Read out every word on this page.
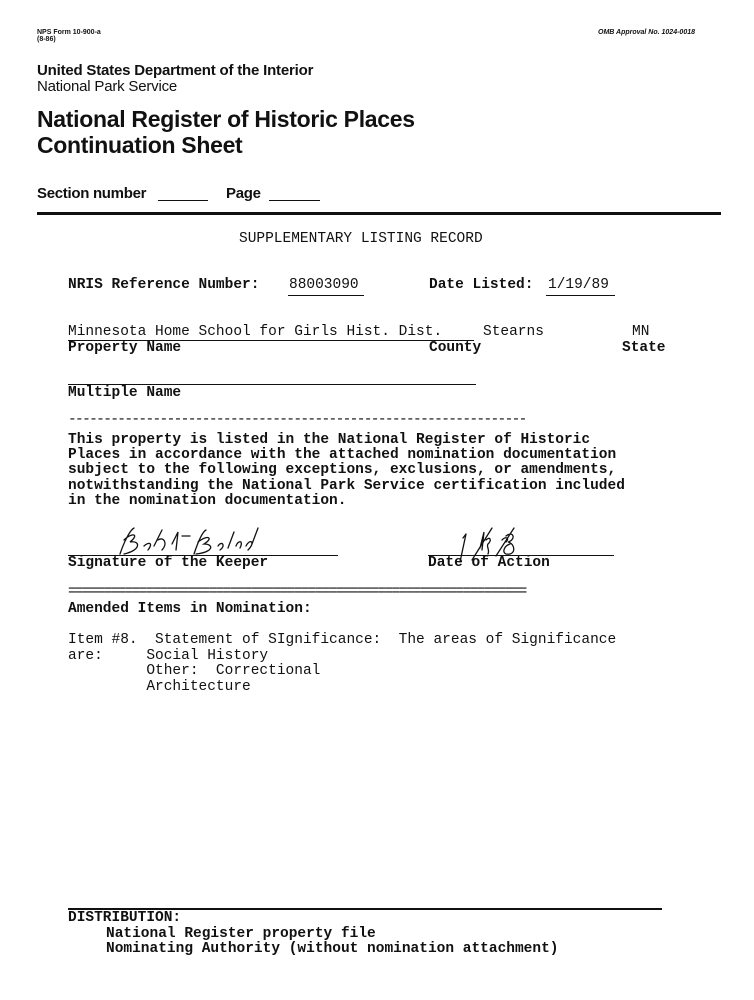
NPS Form 10-900-a
(8-86)
OMB Approval No. 1024-0018
United States Department of the Interior
National Park Service
National Register of Historic Places
Continuation Sheet
Section number	Page
SUPPLEMENTARY LISTING RECORD
NRIS Reference Number: 88003090	Date Listed: 1/19/89
Minnesota Home School for Girls Hist. Dist.	Stearns	MN
Property Name	County	State
Multiple Name
-----------------------------------------------------------------
This property is listed in the National Register of Historic
Places in accordance with the attached nomination documentation
subject to the following exceptions, exclusions, or amendments,
notwithstanding the National Park Service certification included
in the nomination documentation.
Signature of the Keeper	Date of Action
=================================================================
Amended Items in Nomination:
Item #8.  Statement of SIgnificance:  The areas of Significance
are:     Social History
Other:  Correctional
Architecture
DISTRIBUTION:
National Register property file
Nominating Authority (without nomination attachment)
